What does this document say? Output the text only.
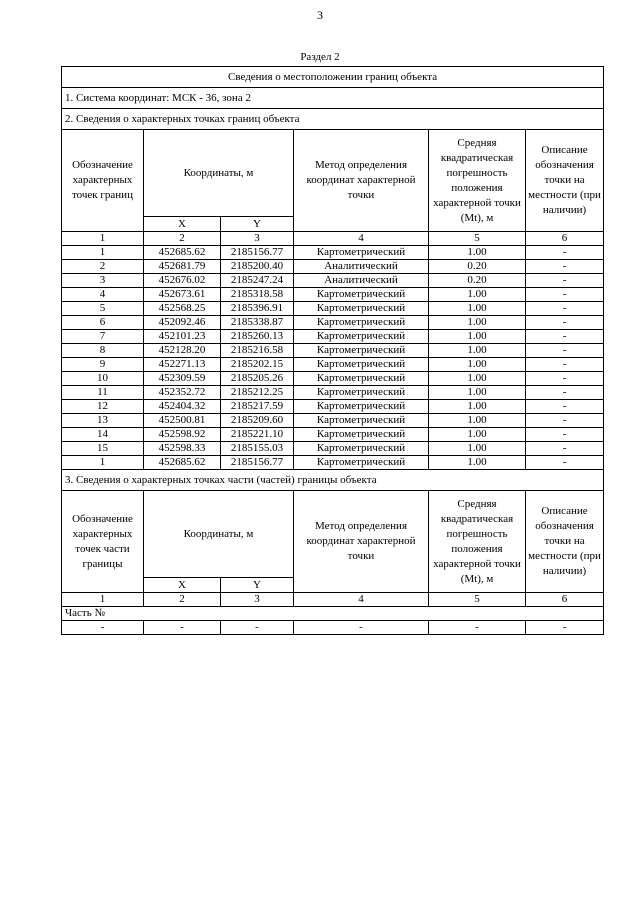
3
Раздел 2
Сведения о местоположении границ объекта					
1. Система координат: МСК - 36, зона 2					
2. Сведения о характерных точках границ объекта					
Обозначение характерных точек границ	Координаты, м		Метод определения координат характерной точки	Средняя квадратическая погрешность положения характерной точки (Mt), м	Описание обозначения точки на местности (при наличии)
	X	Y			
1	2	3	4	5	6
1	452685.62	2185156.77	Картометрический	1.00	-
2	452681.79	2185200.40	Аналитический	0.20	-
3	452676.02	2185247.24	Аналитический	0.20	-
4	452673.61	2185318.58	Картометрический	1.00	-
5	452568.25	2185396.91	Картометрический	1.00	-
6	452092.46	2185338.87	Картометрический	1.00	-
7	452101.23	2185260.13	Картометрический	1.00	-
8	452128.20	2185216.58	Картометрический	1.00	-
9	452271.13	2185202.15	Картометрический	1.00	-
10	452309.59	2185205.26	Картометрический	1.00	-
11	452352.72	2185212.25	Картометрический	1.00	-
12	452404.32	2185217.59	Картометрический	1.00	-
13	452500.81	2185209.60	Картометрический	1.00	-
14	452598.92	2185221.10	Картометрический	1.00	-
15	452598.33	2185155.03	Картометрический	1.00	-
1	452685.62	2185156.77	Картометрический	1.00	-
3. Сведения о характерных точках части (частей) границы объекта					
Обозначение характерных точек части границы	Координаты, м		Метод определения координат характерной точки	Средняя квадратическая погрешность положения характерной точки (Mt), м	Описание обозначения точки на местности (при наличии)
	X	Y			
1	2	3	4	5	6
Часть №					
-	-	-	-	-	-
